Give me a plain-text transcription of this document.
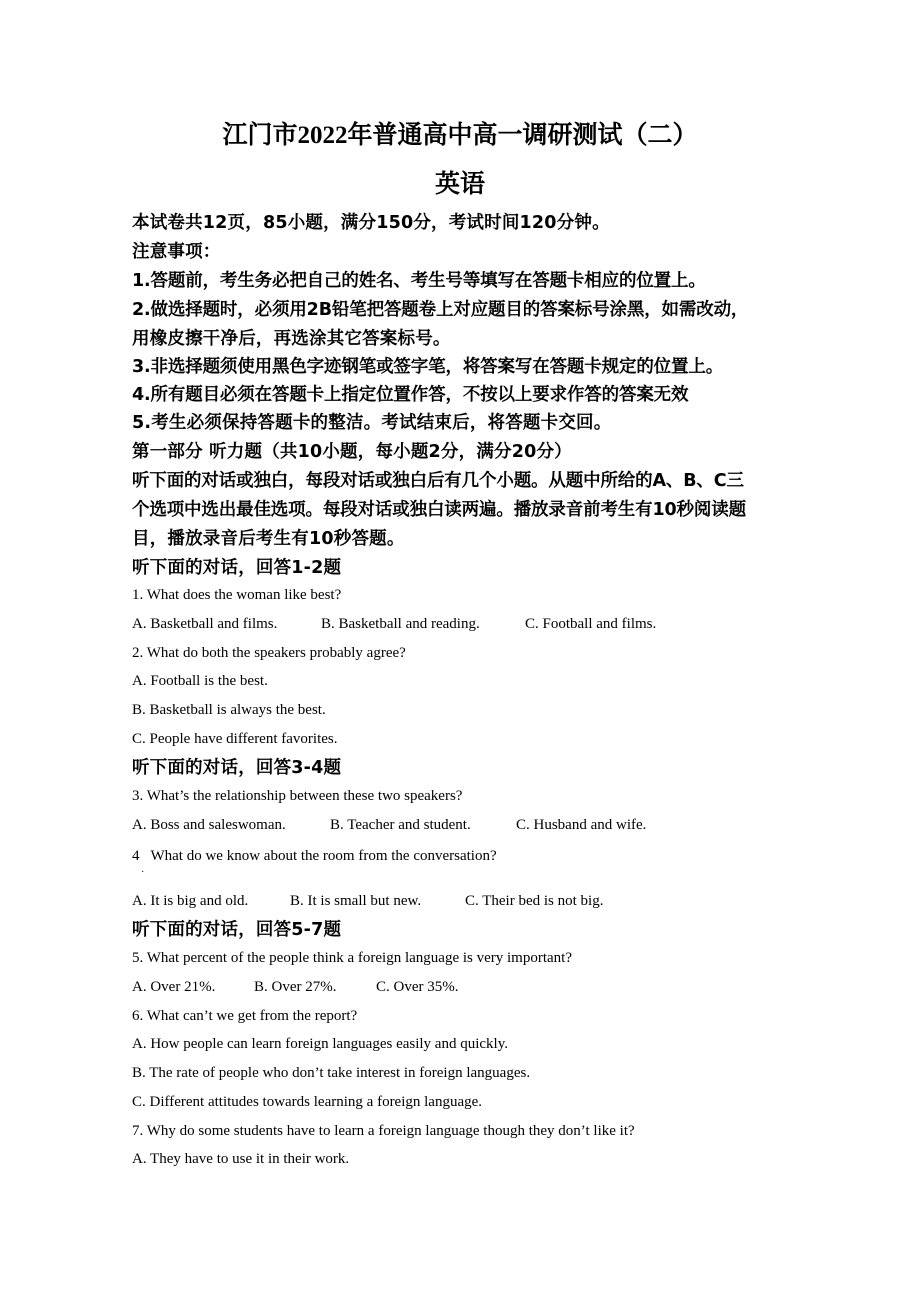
江门市2022年普通高中高一调研测试（二）
英语
本试卷共12页，85小题，满分150分，考试时间120分钟。
注意事项：
1.答题前，考生务必把自己的姓名、考生号等填写在答题卡相应的位置上。
2.做选择题时，必须用2B铅笔把答题卷上对应题目的答案标号涂黑，如需改动，
用橡皮擦干净后，再选涂其它答案标号。
3.非选择题须使用黑色字迹钢笔或签字笔，将答案写在答题卡规定的位置上。
4.所有题目必须在答题卡上指定位置作答，不按以上要求作答的答案无效
5.考生必须保持答题卡的整洁。考试结束后，将答题卡交回。
第一部分 听力题（共10小题，每小题2分，满分20分）
听下面的对话或独白，每段对话或独白后有几个小题。从题中所给的A、B、C三
个选项中选出最佳选项。每段对话或独白读两遍。播放录音前考生有10秒阅读题
目，播放录音后考生有10秒答题。
听下面的对话，回答1-2题
1. What does the woman like best?
A. Basketball and films.	B. Basketball and reading.	C. Football and films.
2. What do both the speakers probably agree?
A. Football is the best.
B. Basketball is always the best.
C. People have different favorites.
听下面的对话，回答3-4题
3. What’s the relationship between these two speakers?
A. Boss and saleswoman.	B. Teacher and student.	C. Husband and wife.
4   What do we know about the room from the conversation?
·
A. It is big and old.	B. It is small but new.	C. Their bed is not big.
听下面的对话，回答5-7题
5. What percent of the people think a foreign language is very important?
A. Over 21%.	B. Over 27%.	C. Over 35%.
6. What can’t we get from the report?
A. How people can learn foreign languages easily and quickly.
B. The rate of people who don’t take interest in foreign languages.
C. Different attitudes towards learning a foreign language.
7. Why do some students have to learn a foreign language though they don’t like it?
A. They have to use it in their work.
